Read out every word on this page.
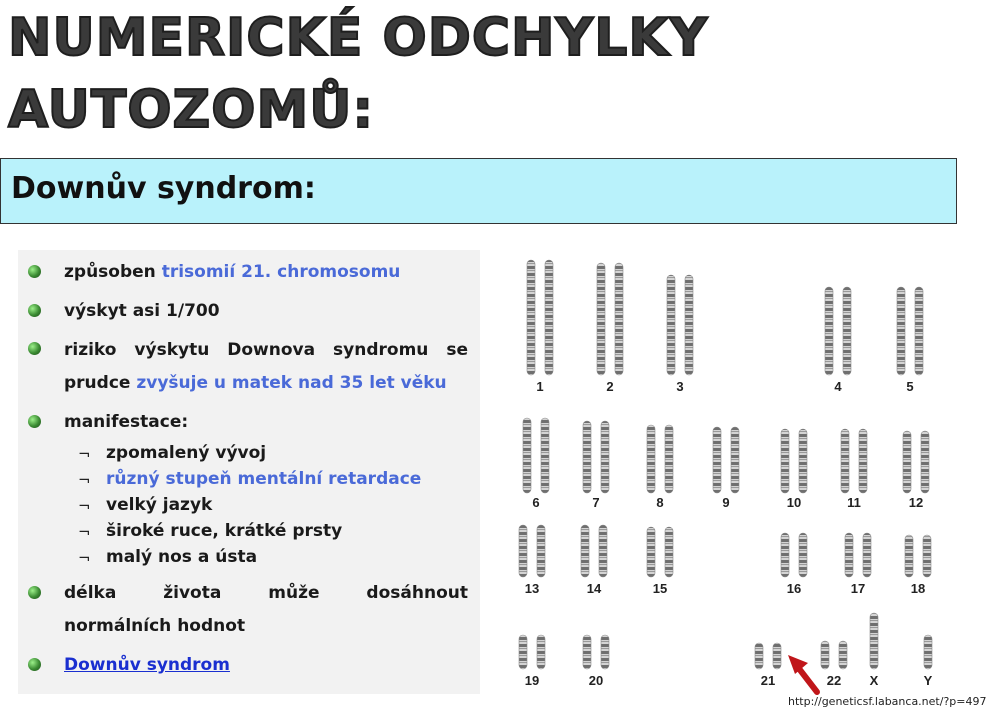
NUMERICKÉ ODCHYLKY
AUTOZOMŮ:
Downův syndrom:
způsoben trisomií 21. chromosomu
výskyt asi 1/700
riziko výskytu Downova syndromu se
prudce zvyšuje u matek nad 35 let věku
manifestace:
¬ zpomalený vývoj
¬ různý stupeň mentální retardace
¬ velký jazyk
¬ široké ruce, krátké prsty
¬ malý nos a ústa
délka	života	může	dosáhnout
normálních hodnot
Downův syndrom
1	2	3	4	5
6	7	8	9	10	11	12
13	14	15	16	17	18
19	20	21	22 X	Y
http://geneticsf.labanca.net/?p=497
